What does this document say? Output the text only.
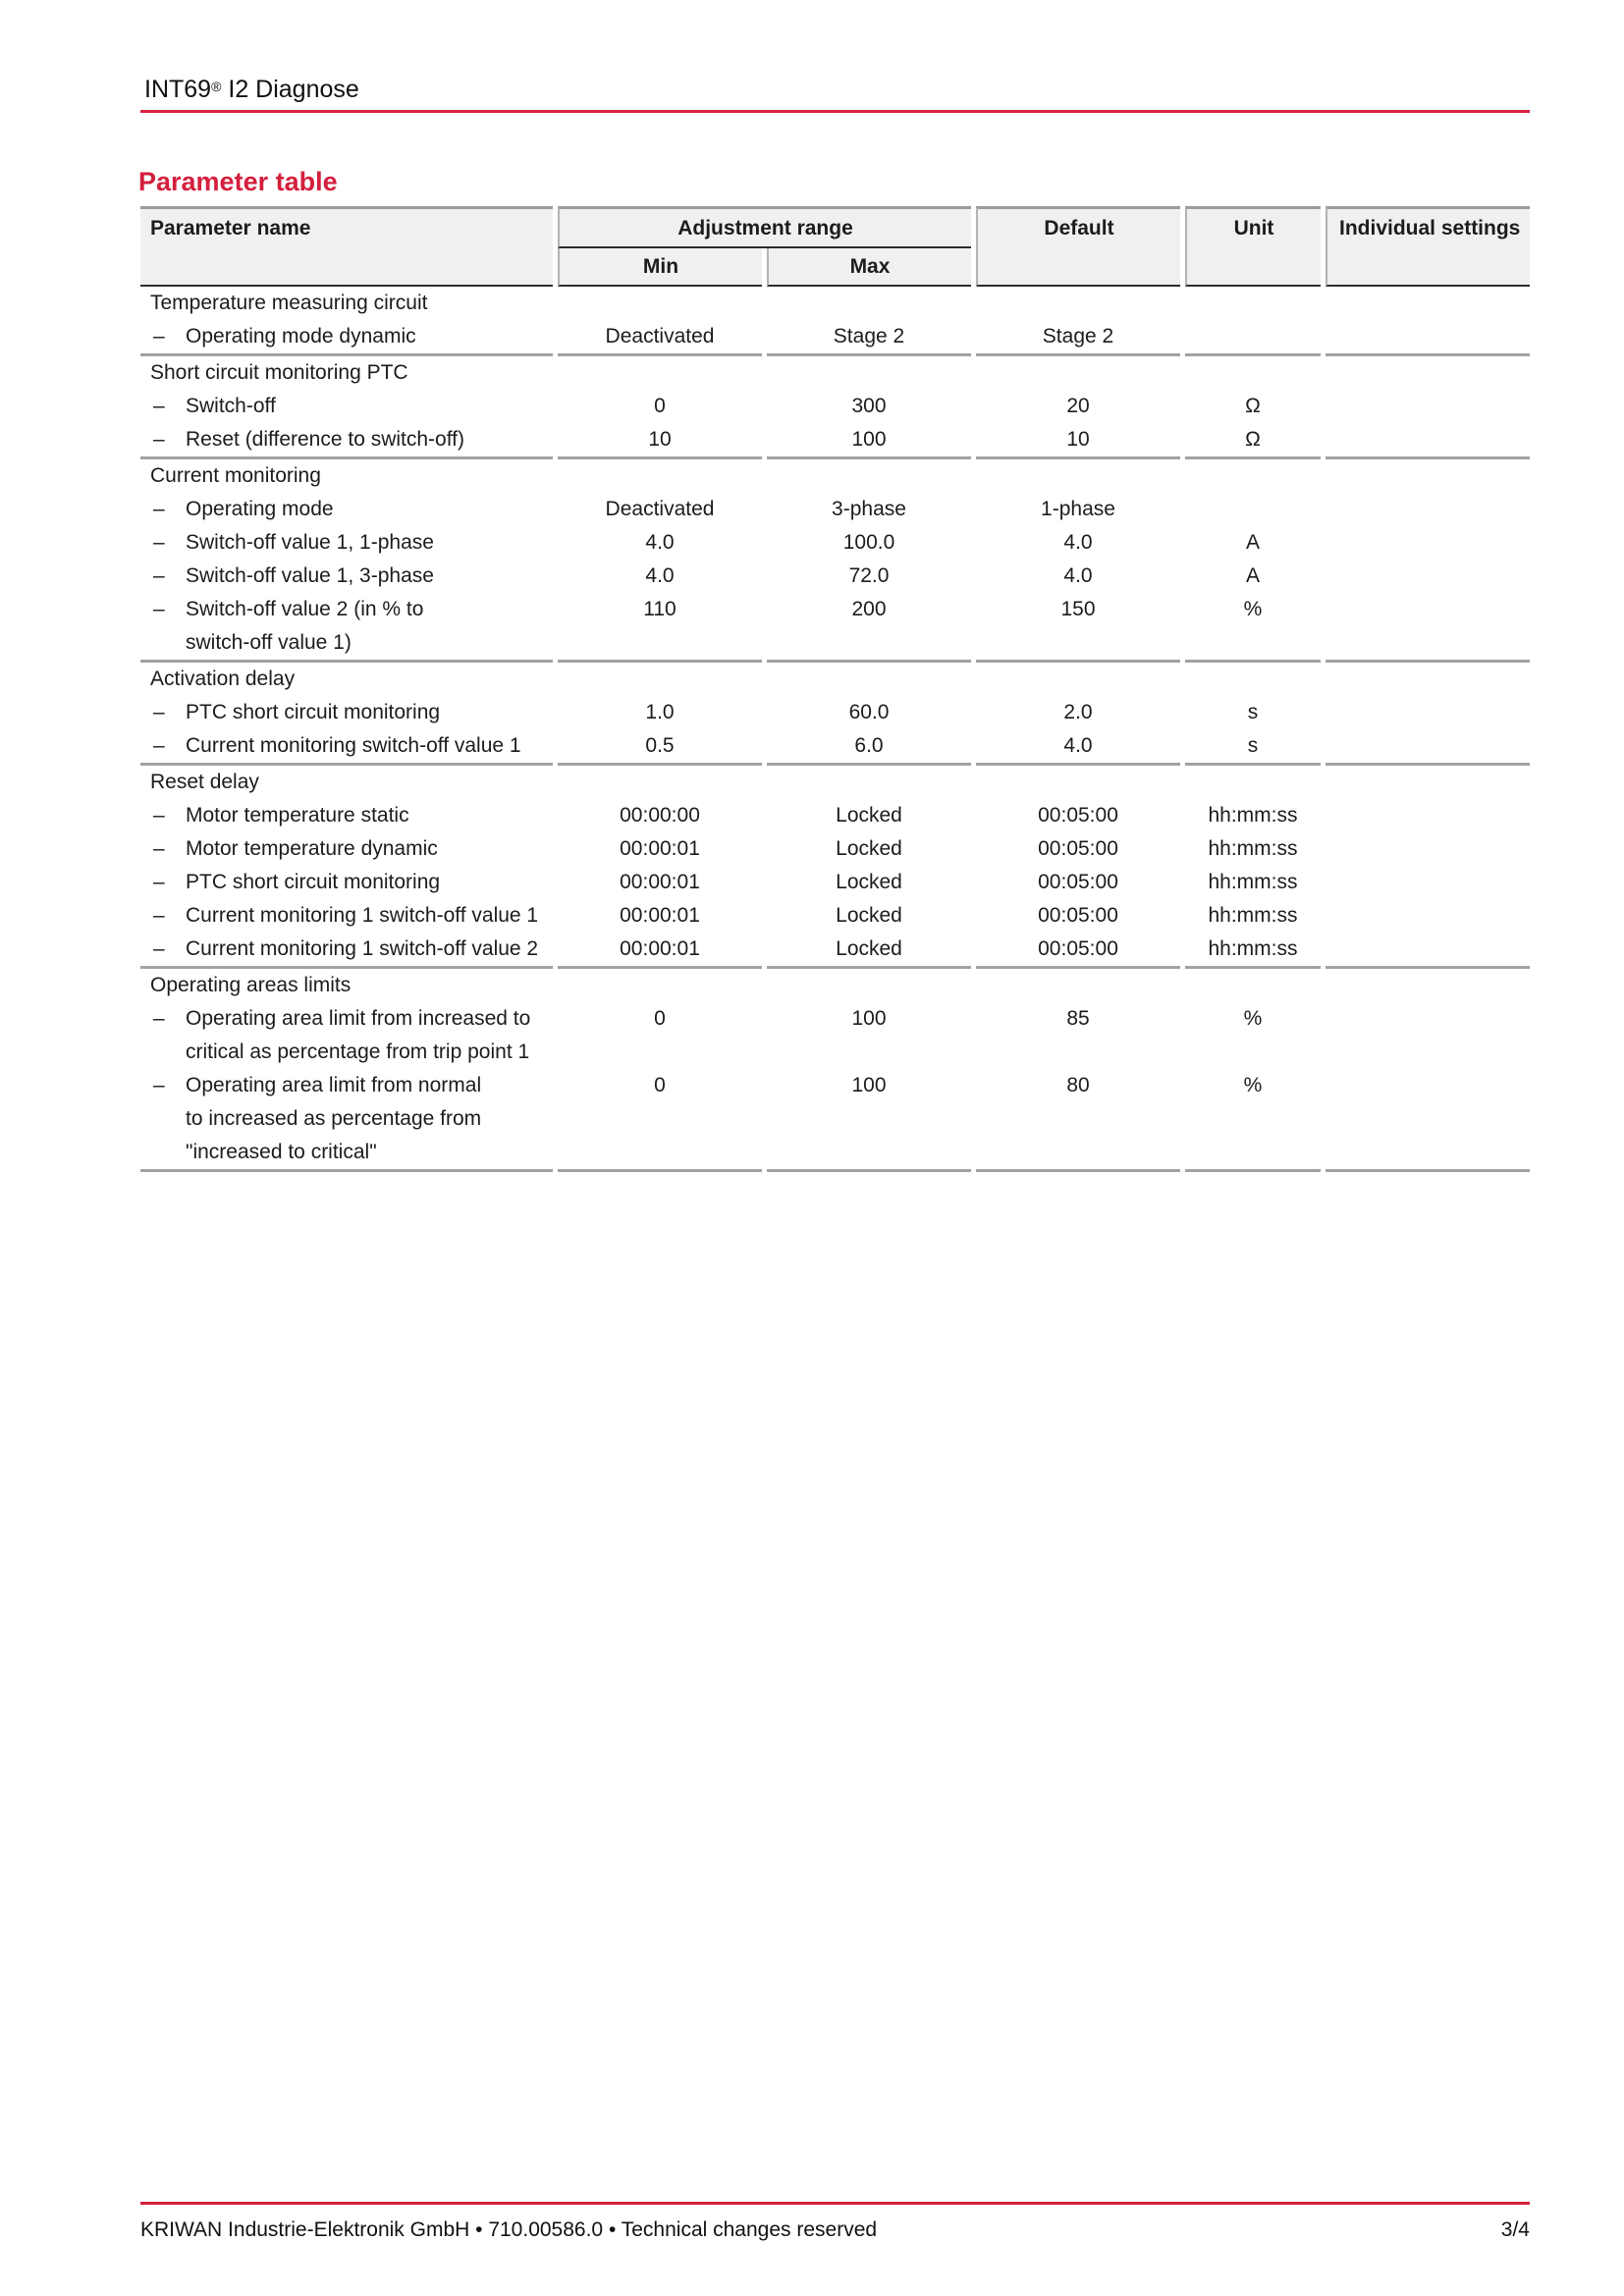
INT69® I2 Diagnose
Parameter table
Parameter name	Adjustment range		Default	Unit	Individual settings
	Min	Max			
Temperature measuring circuit					

– Operating mode dynamic	Deactivated	Stage 2	Stage 2		
Short circuit monitoring PTC					

– Switch-off	0	300	20	Ω	

– Reset (difference to switch-off)	10	100	10	Ω	
Current monitoring					

– Operating mode	Deactivated	3-phase	1-phase		

– Switch-off value 1, 1-phase	4.0	100.0	4.0	A	

– Switch-off value 1, 3-phase	4.0	72.0	4.0	A	

– Switch-off value 2 (in % to
switch-off value 1)	110	200	150	%	
Activation delay					

– PTC short circuit monitoring	1.0	60.0	2.0	s	

– Current monitoring switch-off value 1	0.5	6.0	4.0	s	
Reset delay					

– Motor temperature static	00:00:00	Locked	00:05:00	hh:mm:ss	

– Motor temperature dynamic	00:00:01	Locked	00:05:00	hh:mm:ss	

– PTC short circuit monitoring	00:00:01	Locked	00:05:00	hh:mm:ss	

– Current monitoring 1 switch-off value 1	00:00:01	Locked	00:05:00	hh:mm:ss	

– Current monitoring 1 switch-off value 2	00:00:01	Locked	00:05:00	hh:mm:ss	
Operating areas limits					

– Operating area limit from increased to
critical as percentage from trip point 1	0	100	85	%	

– Operating area limit from normal
to increased as percentage from
"increased to critical"	0	100	80	%	
KRIWAN Industrie-Elektronik GmbH • 710.00586.0 • Technical changes reserved	3/4
